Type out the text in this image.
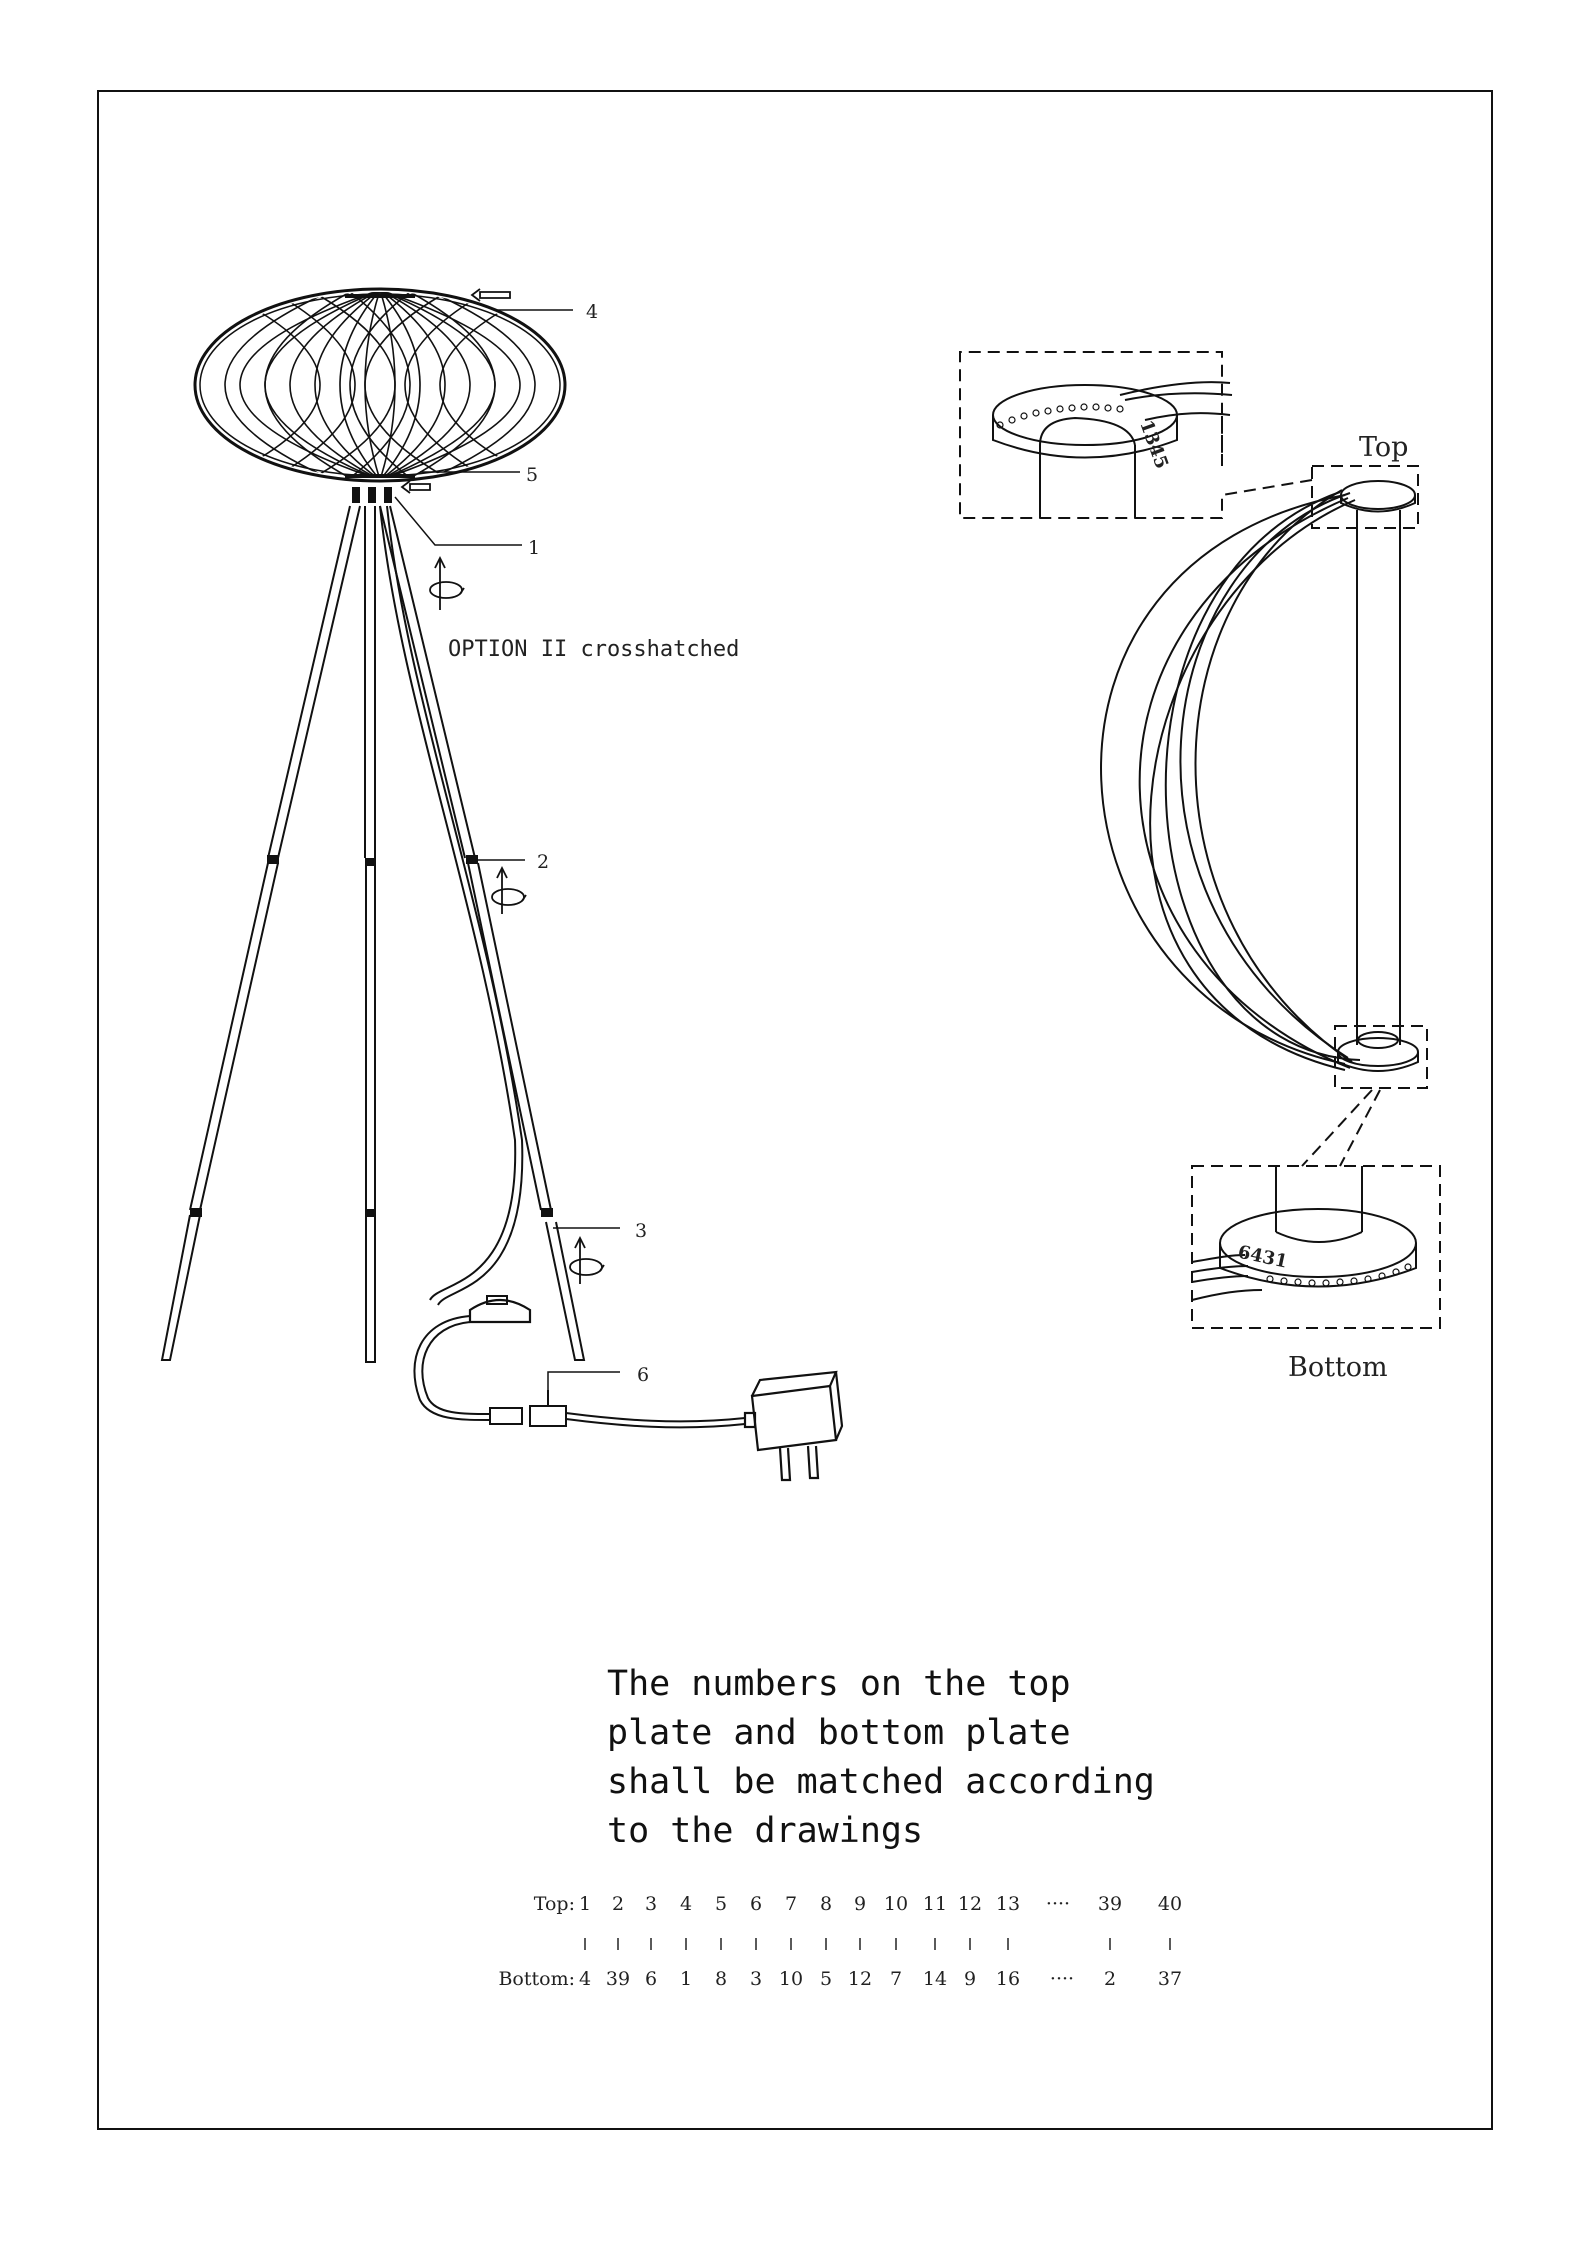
4
5
1
2
3
6
OPTION II crosshatched
1345
6431
Top
Bottom
Top:
Bottom:
1 2 3 4 5 6 7 8 9 10 11 12 13	39 40
4 39 6 1 8 3 10 5 12 7 14 9 16	2 37
····
····
The numbers on the top
plate and bottom plate
shall be matched according
to the drawings
